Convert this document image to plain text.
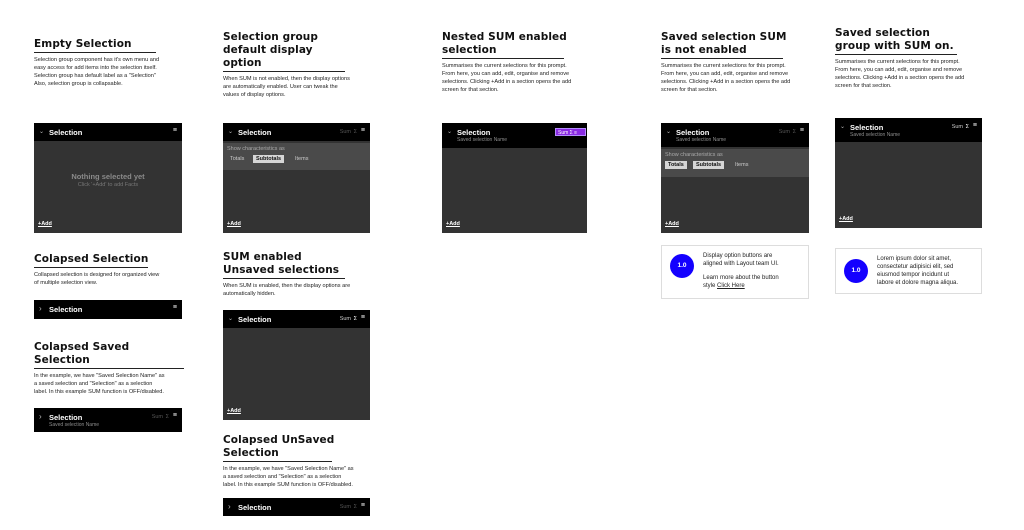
Empty Selection
Selection group component has it's own menu and
easy access for add items into the selection itself.
Selection group has default label as a "Selection"
Also, selection group is collapsable.
⌄ Selection	≡
Nothing selected yet
Click '+Add' to add Facts
+Add
Colapsed Selection
Collapsed selection is designed for organized view
of multiple selection view.
› Selection	≡
Colapsed Saved
Selection
In the example, we have "Saved Selection Name" as
a saved selection and "Selection" as a selection
label. In this example SUM function is OFF/disabled.
› Selection
Saved selection Name
Sum Σ ≡
Selection group
default display
option
When SUM is not enabled, then the display options
are automatically enabled. User can tweak the
values of display options.
⌄ Selection	Sum Σ ≡
Show characteristics as
Totals	Subtotals	Items
+Add
SUM enabled
Unsaved selections
When SUM is enabled, then the display options are
automatically hidden.
⌄ Selection	Sum Σ ≡
+Add
Colapsed UnSaved
Selection
In the example, we have "Saved Selection Name" as
a saved selection and "Selection" as a selection
label. In this example SUM function is OFF/disabled.
› Selection	Sum Σ ≡
Nested SUM enabled
selection
Summarises the current selections for this prompt.
From here, you can add, edit, organise and remove
selections. Clicking +Add in a section opens the add
screen for that section.
⌄ Selection
Saved selection Name
Sum Σ ≡
+Add
Saved selection SUM
is not enabled
Summarises the current selections for this prompt.
From here, you can add, edit, organise and remove
selections. Clicking +Add in a section opens the add
screen for that section.
⌄ Selection
Saved selection Name
Sum Σ ≡
Show characteristics as
Totals	Subtotals	Items
+Add
1.0
Display option buttons are
aligned with Layout team UI.
Learn more about the button
style Click Here
Saved selection
group with SUM on.
Summarises the current selections for this prompt.
From here, you can add, edit, organise and remove
selections. Clicking +Add in a section opens the add
screen for that section.
⌄ Selection
Saved selection Name
Sum Σ ≡
+Add
1.0
Lorem ipsum dolor sit amet,
consectetur adipisici elit, sed
eiusmod tempor incidunt ut
labore et dolore magna aliqua.
